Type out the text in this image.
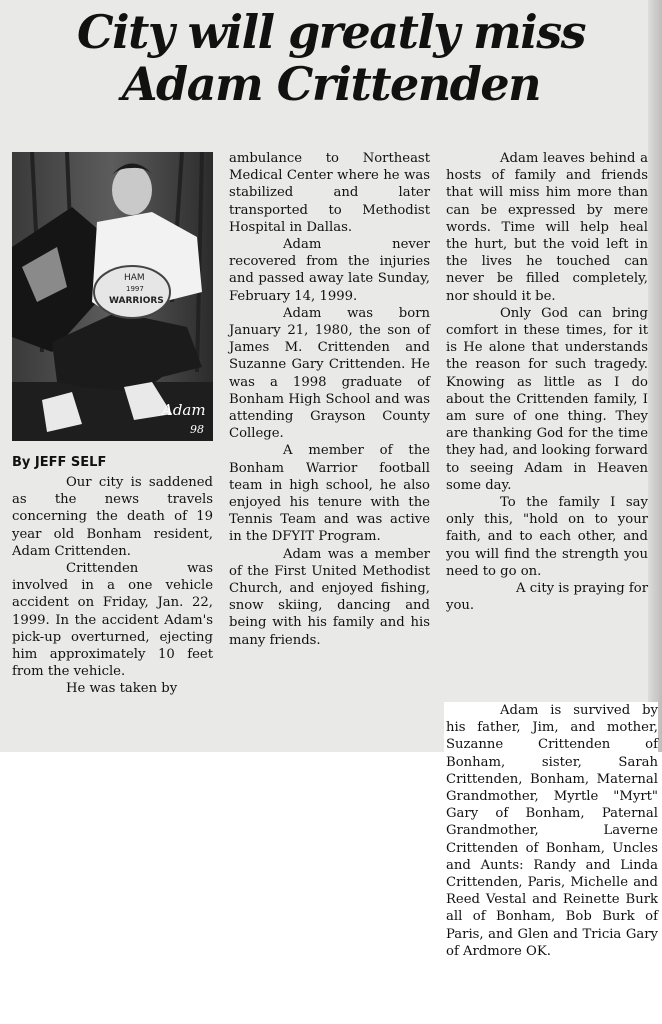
City will greatly miss
Adam Crittenden
HAM
1997
WARRIORS
Adam
98

By JEFF SELF

Our city is saddened as the news travels concerning the death of 19 year old Bonham resident, Adam Crittenden.

Crittenden was involved in a one vehicle accident on Friday, Jan. 22, 1999. In the accident Adam's pick-up overturned, ejecting him approximately 10 feet from the vehicle.

He was taken by

ambulance to Northeast Medical Center where he was stabilized and later transported to Methodist Hospital in Dallas.

Adam never recovered from the injuries and passed away late Sunday, February 14, 1999.

Adam was born January 21, 1980, the son of James M. Crittenden and Suzanne Gary Crittenden. He was a 1998 graduate of Bonham High School and was attending Grayson County College.

A member of the Bonham Warrior football team in high school, he also enjoyed his tenure with the Tennis Team and was active in the DFYIT Program.

Adam was a member of the First United Methodist Church, and enjoyed fishing, snow skiing, dancing and being with his family and his many friends.

Adam leaves behind a hosts of family and friends that will miss him more than can be expressed by mere words. Time will help heal the hurt, but the void left in the lives he touched can never be filled completely, nor should it be.

Only God can bring comfort in these times, for it is He alone that understands the reason for such tragedy. Knowing as little as I do about the Crittenden family, I am sure of one thing. They are thanking God for the time they had, and looking forward to seeing Adam in Heaven some day.

To the family I say only this, "hold on to your faith, and to each other, and you will find the strength you need to go on.

A city is praying for

you.

Adam is survived by his father, Jim, and mother, Suzanne Crittenden of Bonham, sister, Sarah Crittenden, Bonham, Maternal Grandmother, Myrtle "Myrt" Gary of Bonham, Paternal Grandmother, Laverne Crittenden of Bonham, Uncles and Aunts: Randy and Linda Crittenden, Paris, Michelle and Reed Vestal and Reinette Burk all of Bonham, Bob Burk of Paris, and Glen and Tricia Gary of Ardmore OK.
